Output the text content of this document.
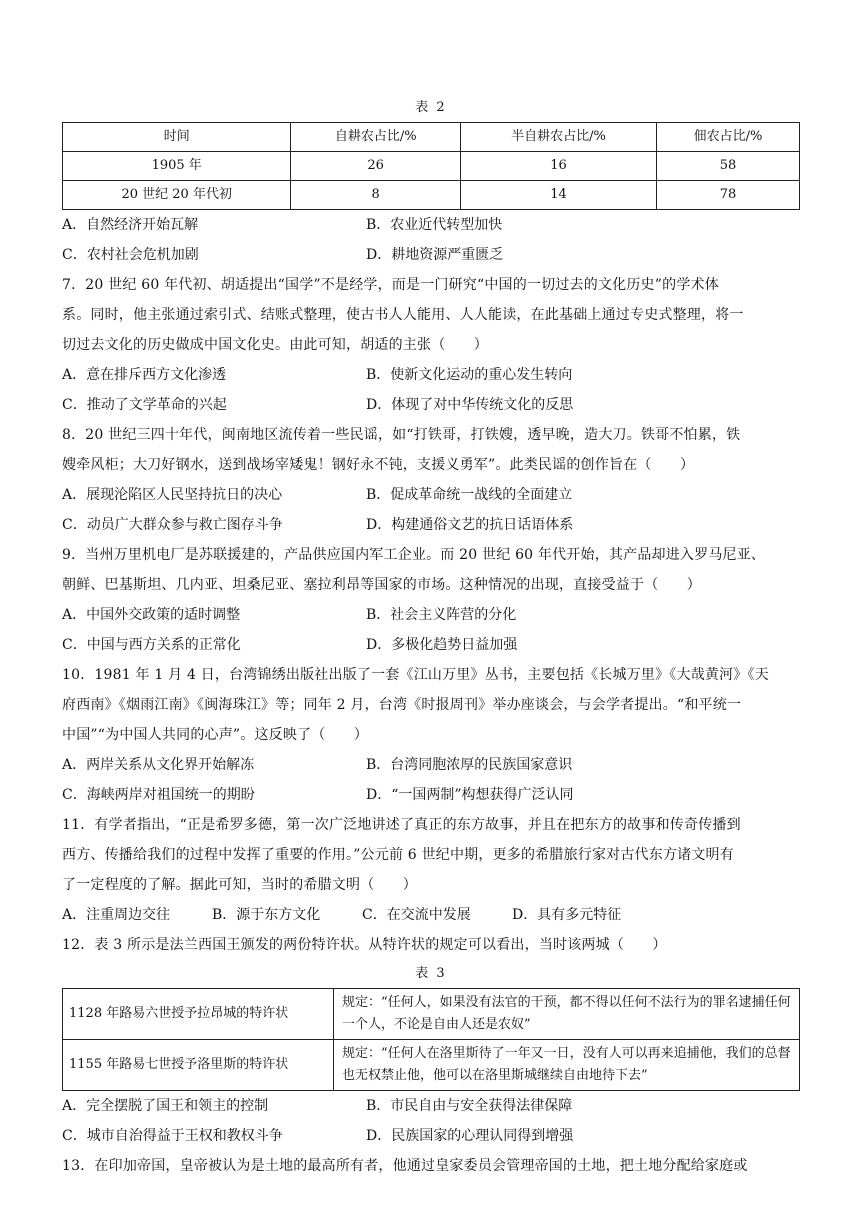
表 2
时间	自耕农占比/%	半自耕农占比/%	佃农占比/%
1905 年	26	16	58
20 世纪 20 年代初	8	14	78
A．自然经济开始瓦解	B．农业近代转型加快
C．农村社会危机加剧	D．耕地资源严重匮乏

7．20 世纪 60 年代初、胡适提出“国学”不是经学，而是一门研究“中国的一切过去的文化历史”的学术体

系。同时，他主张通过索引式、结账式整理，使古书人人能用、人人能读，在此基础上通过专史式整理，将一

切过去文化的历史做成中国文化史。由此可知，胡适的主张（　　）

A．意在排斥西方文化渗透	B．使新文化运动的重心发生转向
C．推动了文学革命的兴起	D．体现了对中华传统文化的反思

8．20 世纪三四十年代，闽南地区流传着一些民谣，如“打铁哥，打铁嫂，透早晚，造大刀。铁哥不怕累，铁

嫂牵风柜；大刀好钢水，送到战场宰矮鬼！钢好永不钝，支援义勇军”。此类民谣的创作旨在（　　）

A．展现沦陷区人民坚持抗日的决心	B．促成革命统一战线的全面建立
C．动员广大群众参与救亡图存斗争	D．构建通俗文艺的抗日话语体系

9．当州万里机电厂是苏联援建的，产品供应国内军工企业。而 20 世纪 60 年代开始，其产品却进入罗马尼亚、

朝鲜、巴基斯坦、几内亚、坦桑尼亚、塞拉利昂等国家的市场。这种情况的出现，直接受益于（　　）

A．中国外交政策的适时调整	B．社会主义阵营的分化
C．中国与西方关系的正常化	D．多极化趋势日益加强

10．1981 年 1 月 4 日，台湾锦绣出版社出版了一套《江山万里》丛书，主要包括《长城万里》《大哉黄河》《天

府西南》《烟雨江南》《闽海珠江》等；同年 2 月，台湾《时报周刊》举办座谈会，与会学者提出。“和平统一

中国”“为中国人共同的心声”。这反映了（　　）

A．两岸关系从文化界开始解冻	B．台湾同胞浓厚的民族国家意识
C．海峡两岸对祖国统一的期盼	D．“一国两制”构想获得广泛认同

11．有学者指出，“正是希罗多德，第一次广泛地讲述了真正的东方故事，并且在把东方的故事和传奇传播到

西方、传播给我们的过程中发挥了重要的作用。”公元前 6 世纪中期，更多的希腊旅行家对古代东方诸文明有

了一定程度的了解。据此可知，当时的希腊文明（　　）

A．注重周边交往	B．源于东方文化	C．在交流中发展	D．具有多元特征

12．表 3 所示是法兰西国王颁发的两份特许状。从特许状的规定可以看出，当时该两城（　　）

表 3
1128 年路易六世授予拉昂城的特许状	规定：“任何人，如果没有法官的干预，都不得以任何不法行为的罪名逮捕任何一个人，不论是自由人还是农奴”
1155 年路易七世授予洛里斯的特许状	规定：“任何人在洛里斯待了一年又一日，没有人可以再来追捕他，我们的总督也无权禁止他，他可以在洛里斯城继续自由地待下去”
A．完全摆脱了国王和领主的控制	B．市民自由与安全获得法律保障
C．城市自治得益于王权和教权斗争	D．民族国家的心理认同得到增强

13．在印加帝国，皇帝被认为是土地的最高所有者，他通过皇家委员会管理帝国的土地，把土地分配给家庭或
